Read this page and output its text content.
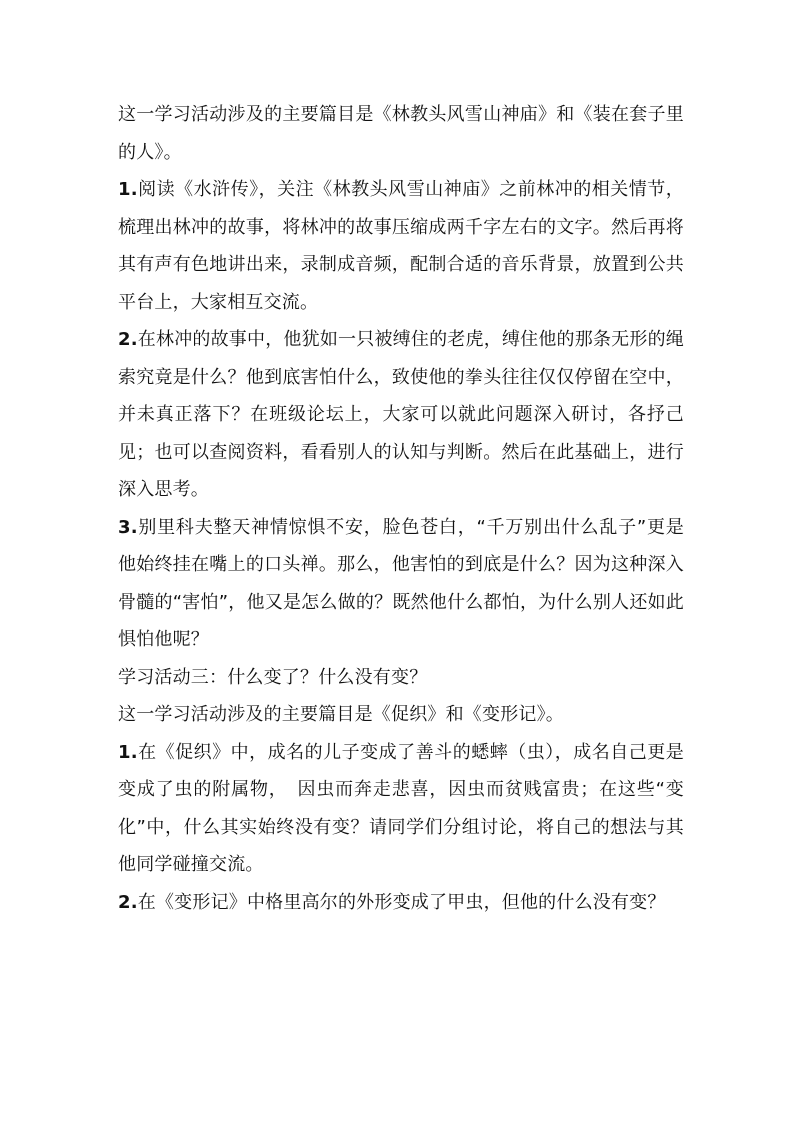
这一学习活动涉及的主要篇目是《林教头风雪山神庙》和《装在套子里的人》。

1.阅读《水浒传》，关注《林教头风雪山神庙》之前林冲的相关情节，梳理出林冲的故事，将林冲的故事压缩成两千字左右的文字。然后再将其有声有色地讲出来，录制成音频，配制合适的音乐背景，放置到公共平台上，大家相互交流。

2.在林冲的故事中，他犹如一只被缚住的老虎，缚住他的那条无形的绳索究竟是什么？他到底害怕什么，致使他的拳头往往仅仅停留在空中，并未真正落下？在班级论坛上，大家可以就此问题深入研讨，各抒己见；也可以查阅资料，看看别人的认知与判断。然后在此基础上，进行深入思考。

3.别里科夫整天神情惊惧不安，脸色苍白，“千万别出什么乱子”更是他始终挂在嘴上的口头禅。那么，他害怕的到底是什么？因为这种深入骨髓的“害怕”，他又是怎么做的？既然他什么都怕，为什么别人还如此惧怕他呢？

学习活动三：什么变了？什么没有变？

这一学习活动涉及的主要篇目是《促织》和《变形记》。

1.在《促织》中，成名的儿子变成了善斗的蟋蟀（虫），成名自己更是变成了虫的附属物，　因虫而奔走悲喜，因虫而贫贱富贵；在这些“变化”中，什么其实始终没有变？请同学们分组讨论，将自己的想法与其他同学碰撞交流。

2.在《变形记》中格里高尔的外形变成了甲虫，但他的什么没有变？
